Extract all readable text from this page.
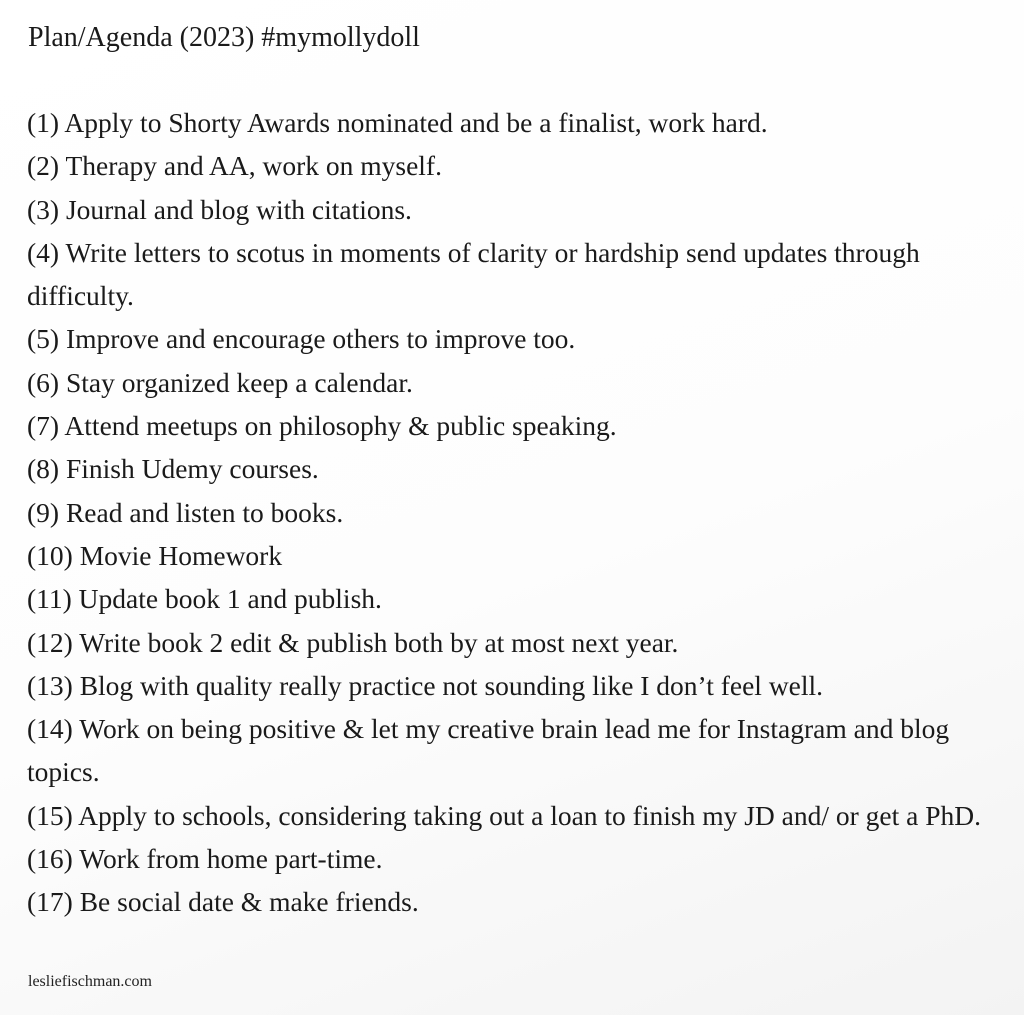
Plan/Agenda (2023) #mymollydoll
(1) Apply to Shorty Awards nominated and be a finalist, work hard.
(2) Therapy and AA, work on myself.
(3) Journal and blog with citations.
(4) Write letters to scotus in moments of clarity or hardship send updates through difficulty.
(5) Improve and encourage others to improve too.
(6) Stay organized keep a calendar.
(7) Attend meetups on philosophy & public speaking.
(8) Finish Udemy courses.
(9) Read and listen to books.
(10) Movie Homework
(11) Update book 1 and publish.
(12) Write book 2 edit & publish both by at most next year.
(13) Blog with quality really practice not sounding like I don’t feel well.
(14) Work on being positive & let my creative brain lead me for Instagram and blog topics.
(15) Apply to schools, considering taking out a loan to finish my JD and/ or get a PhD.
(16) Work from home part-time.
(17) Be social date & make friends.
lesliefischman.com
